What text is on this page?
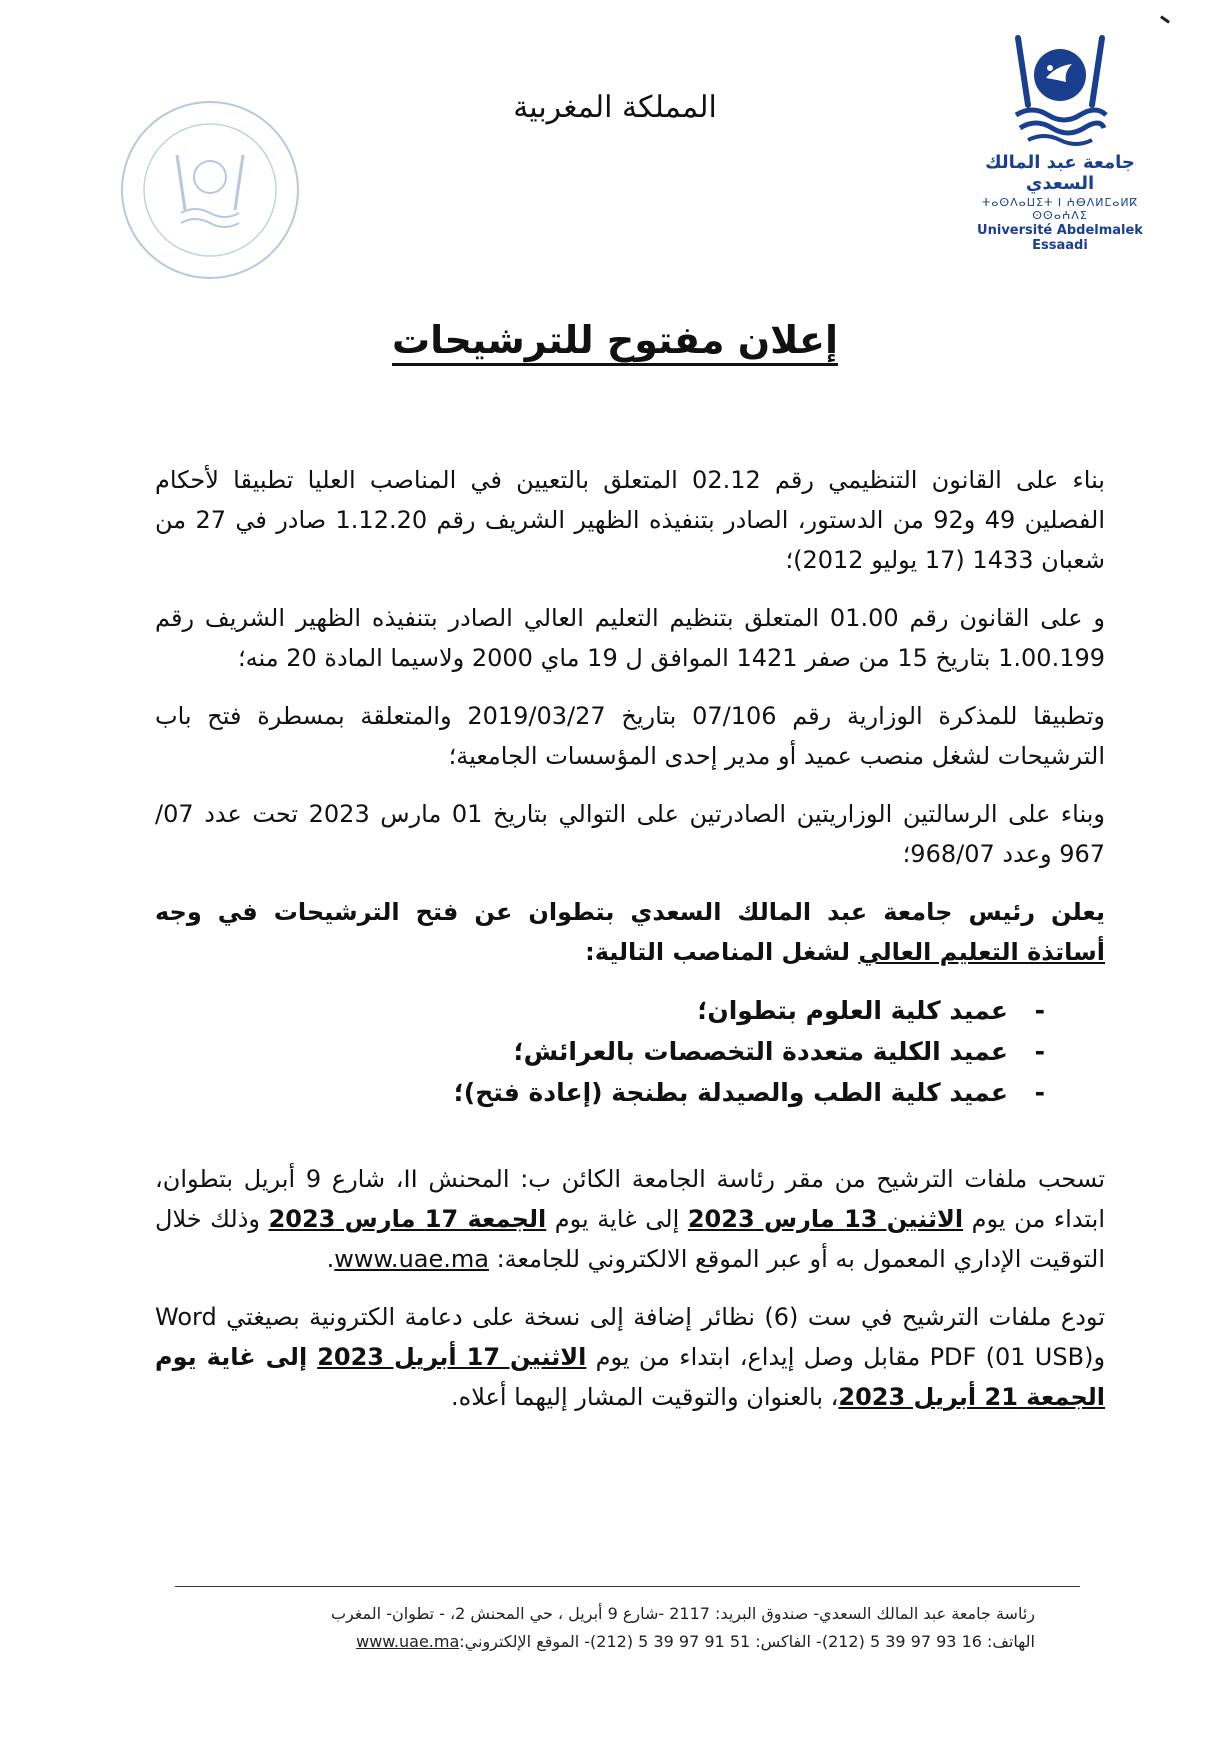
المملكة المغربية
جامعة عبد المالك السعدي
ⵜⴰⵙⴷⴰⵡⵉⵜ ⵏ ⵄⴱⴷⵍⵎⴰⵍⴽ ⵙⵙⴰⵄⴷⵉ
Université Abdelmalek Essaadi
إعلان مفتوح للترشيحات

بناء على القانون التنظيمي رقم 02.12 المتعلق بالتعيين في المناصب العليا تطبيقا لأحكام الفصلين 49 و92 من الدستور، الصادر بتنفيذه الظهير الشريف رقم 1.12.20 صادر في 27 من شعبان 1433 (17 يوليو 2012)؛

و على القانون رقم 01.00 المتعلق بتنظيم التعليم العالي الصادر بتنفيذه الظهير الشريف رقم 1.00.199 بتاريخ 15 من صفر 1421 الموافق ل 19 ماي 2000 ولاسيما المادة 20 منه؛

وتطبيقا للمذكرة الوزارية رقم 07/106 بتاريخ 2019/03/27 والمتعلقة بمسطرة فتح باب الترشيحات لشغل منصب عميد أو مدير إحدى المؤسسات الجامعية؛

وبناء على الرسالتين الوزاريتين الصادرتين على التوالي بتاريخ 01 مارس 2023 تحت عدد 07/ 967 وعدد 968/07؛

يعلن رئيس جامعة عبد المالك السعدي بتطوان عن فتح الترشيحات في وجه أساتذة التعليم العالي لشغل المناصب التالية:

- عميد كلية العلوم بتطوان؛
- عميد الكلية متعددة التخصصات بالعرائش؛
- عميد كلية الطب والصيدلة بطنجة (إعادة فتح)؛

تسحب ملفات الترشيح من مقر رئاسة الجامعة الكائن ب: المحنش II، شارع 9 أبريل بتطوان، ابتداء من يوم الاثنين 13 مارس 2023 إلى غاية يوم الجمعة 17 مارس 2023 وذلك خلال التوقيت الإداري المعمول به أو عبر الموقع الالكتروني للجامعة: www.uae.ma.

تودع ملفات الترشيح في ست (6) نظائر إضافة إلى نسخة على دعامة الكترونية بصيغتي Word وPDF (01 USB) مقابل وصل إيداع، ابتداء من يوم الاثنين 17 أبريل 2023 إلى غاية يوم الجمعة 21 أبريل 2023، بالعنوان والتوقيت المشار إليهما أعلاه.

رئاسة جامعة عبد المالك السعدي- صندوق البريد: 2117 -شارع 9 أبريل ، حي المحنش 2، - تطوان- المغرب
الهاتف: 16 93 97 39 5 (212)- الفاكس: 51 91 97 39 5 (212)- الموقع الإلكتروني:www.uae.ma
